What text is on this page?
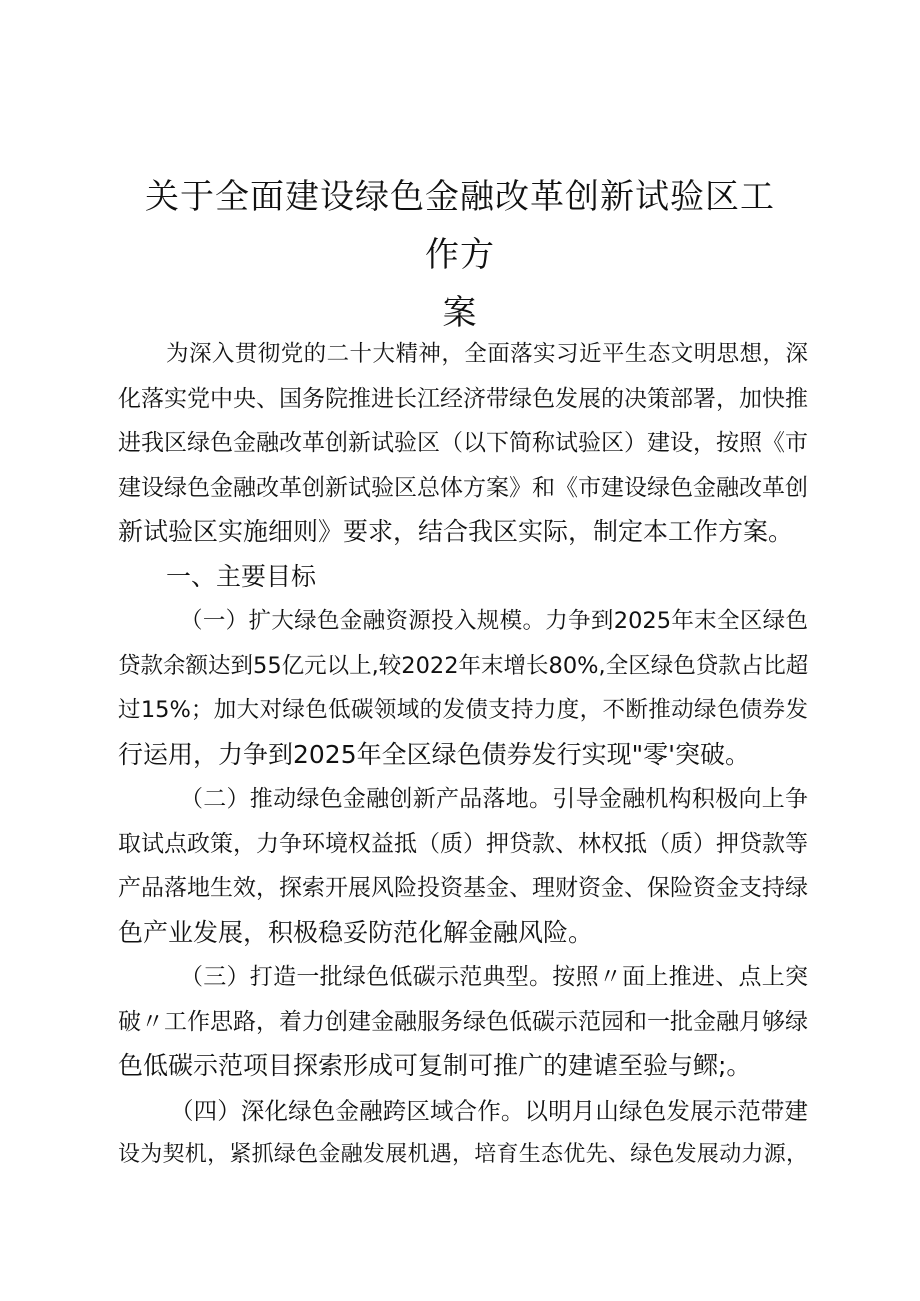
关于全面建设绿色金融改革创新试验区工作方
案
为深入贯彻党的二十大精神，全面落实习近平生态文明思想，深
化落实党中央、国务院推进长江经济带绿色发展的决策部署，加快推
进我区绿色金融改革创新试验区（以下简称试验区）建设，按照《市
建设绿色金融改革创新试验区总体方案》和《市建设绿色金融改革创
新试验区实施细则》要求，结合我区实际，制定本工作方案。
一、主要目标
（一）扩大绿色金融资源投入规模。力争到2025年末全区绿色
贷款余额达到55亿元以上,较2022年末增长80%,全区绿色贷款占比超
过15%；加大对绿色低碳领域的发债支持力度，不断推动绿色债券发
行运用，力争到2025年全区绿色债券发行实现"零'突破。
（二）推动绿色金融创新产品落地。引导金融机构积极向上争
取试点政策，力争环境权益抵（质）押贷款、林权抵（质）押贷款等
产品落地生效，探索开展风险投资基金、理财资金、保险资金支持绿
色产业发展，积极稳妥防范化解金融风险。
（三）打造一批绿色低碳示范典型。按照〃面上推进、点上突
破〃工作思路，着力创建金融服务绿色低碳示范园和一批金融月够绿
色低碳示范项目探索形成可复制可推广的建谑至验与鳏;。
（四）深化绿色金融跨区域合作。以明月山绿色发展示范带建
设为契机，紧抓绿色金融发展机遇，培育生态优先、绿色发展动力源，
